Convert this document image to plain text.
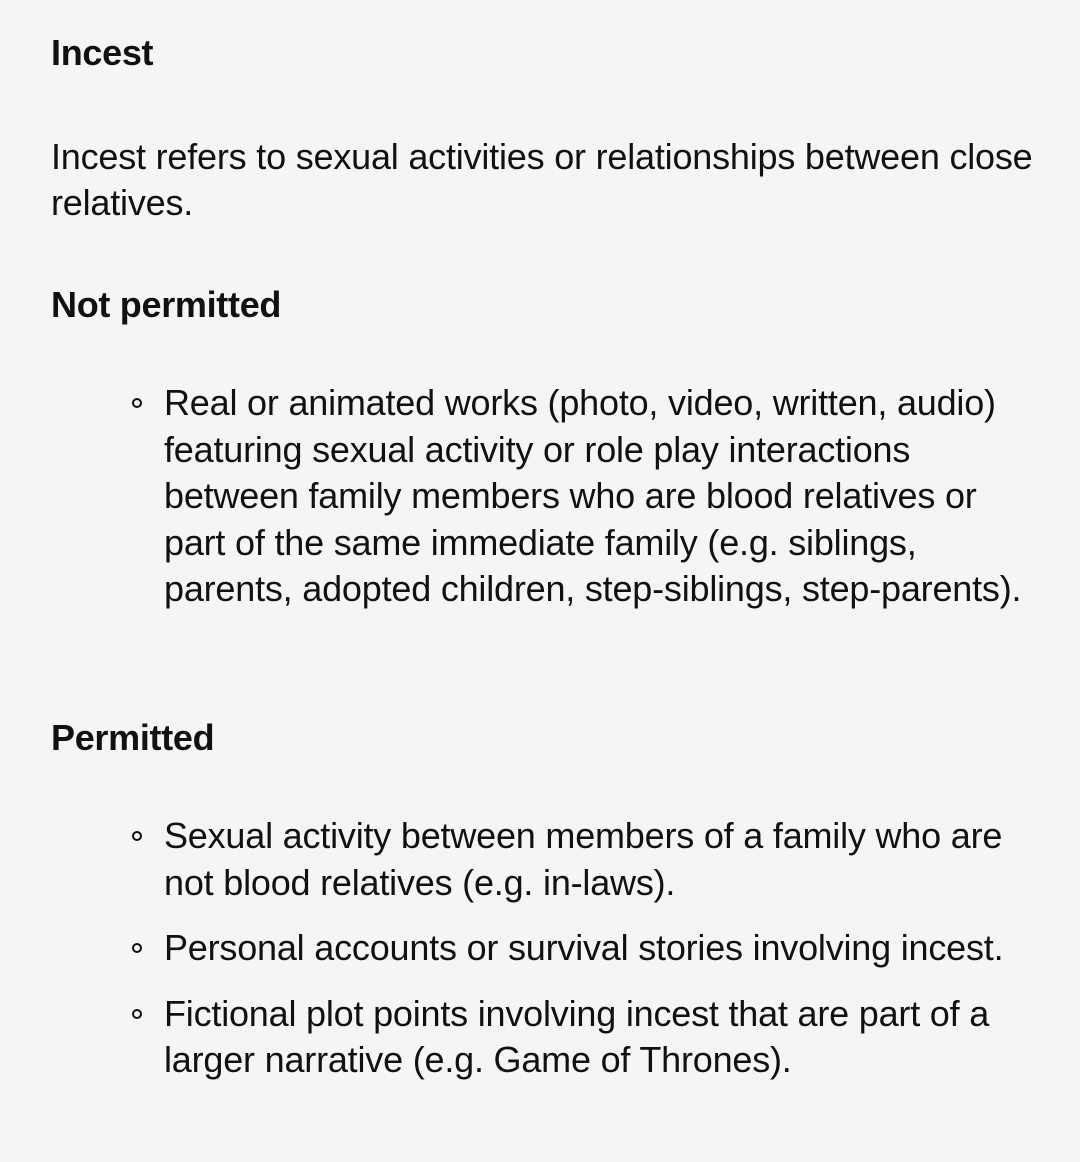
Incest

Incest refers to sexual activities or relationships between close relatives.

Not permitted
Real or animated works (photo, video, written, audio) featuring sexual activity or role play interactions between family members who are blood relatives or part of the same immediate family (e.g. siblings, parents, adopted children, step-siblings, step-parents).
Permitted
Sexual activity between members of a family who are not blood relatives (e.g. in-laws).
Personal accounts or survival stories involving incest.
Fictional plot points involving incest that are part of a larger narrative (e.g. Game of Thrones).
